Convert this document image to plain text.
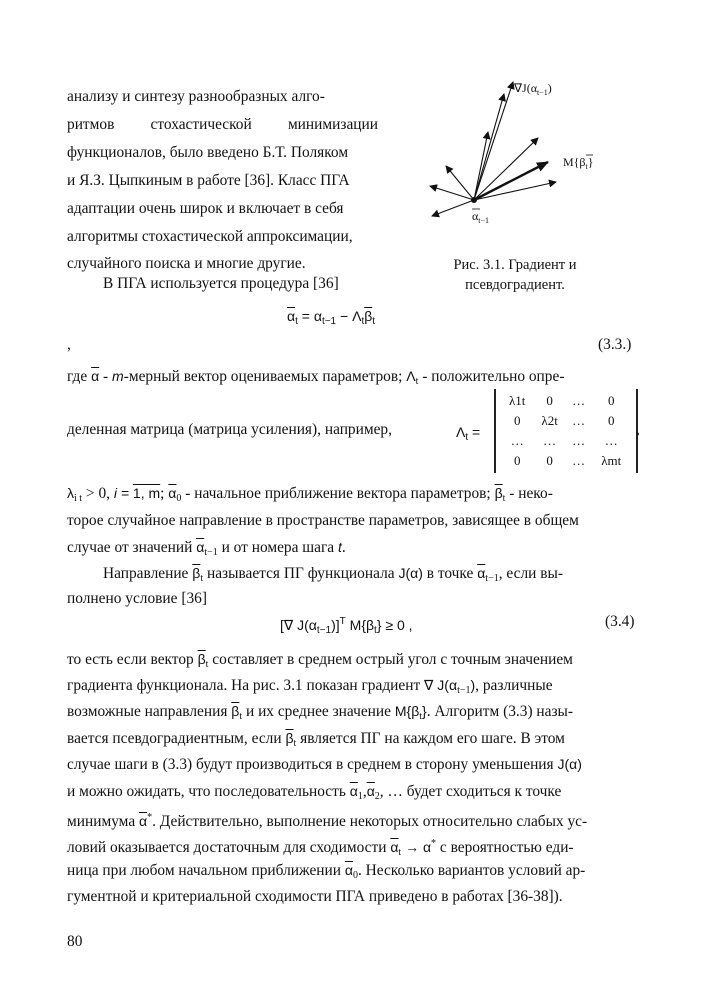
анализу и синтезу разнообразных алго-
ритмов стохастической минимизации
функционалов, было введено Б.Т. Поляком
и Я.З. Цыпкиным в работе [36]. Класс ПГА
адаптации очень широк и включает в себя
алгоритмы стохастической аппроксимации,
случайного поиска и многие другие.
В ПГА используется процедура [36]
$\nabla J(\alpha_{t-1})$
$M\{\beta_t\}$
$\alpha_{t-1}$
Рис. 3.1. Градиент и
псевдоградиент.
$\overline{\alpha}_t = \alpha_{t-1} - \Lambda_t\overline{\beta}_t$
,	(3.3.)
где $\overline{\alpha}$ - m-мерный вектор оцениваемых параметров; $\Lambda_t$ - положительно опре-
деленная матрица (матрица усиления), например,	$\Lambda_t$ =
λ1t	0	…	0
0	λ2t	…	0
…	…	…	…
0	0	…	λmt
,
$\lambda_{i t} > 0$, i = 1, m; $\overline{\alpha}_0$ - начальное приближение вектора параметров; $\overline{\beta}_t$ - неко-
торое случайное направление в пространстве параметров, зависящее в общем
случае от значений $\overline{\alpha}_{t-1}$ и от номера шага t.
Направление $\overline{\beta}_t$ называется ПГ функционала J(α) в точке $\overline{\alpha}_{t-1}$, если вы-
полнено условие [36]
[∇ $J(\alpha_{t-1})]^T$ $M\{\beta_t\} \ge 0$ ,	(3.4)
то есть если вектор $\overline{\beta}_t$ составляет в среднем острый угол с точным значением
градиента функционала. На рис. 3.1 показан градиент ∇ $J(\alpha_{t-1})$, различные
возможные направления $\overline{\beta}_t$ и их среднее значение $M\{\beta_t\}$. Алгоритм (3.3) назы-
вается псевдоградиентным, если $\overline{\beta}_t$ является ПГ на каждом его шаге. В этом
случае шаги в (3.3) будут производиться в среднем в сторону уменьшения J(α)
и можно ожидать, что последовательность $\overline{\alpha}_1,\overline{\alpha}_2$, … будет сходиться к точке
минимума $\overline{\alpha}^*$. Действительно, выполнение некоторых относительно слабых ус-
ловий оказывается достаточным для сходимости $\overline{\alpha}_t \to \alpha^*$ с вероятностью еди-
ница при любом начальном приближении $\overline{\alpha}_0$. Несколько вариантов условий ар-
гументной и критериальной сходимости ПГА приведено в работах [36-38]).
80
